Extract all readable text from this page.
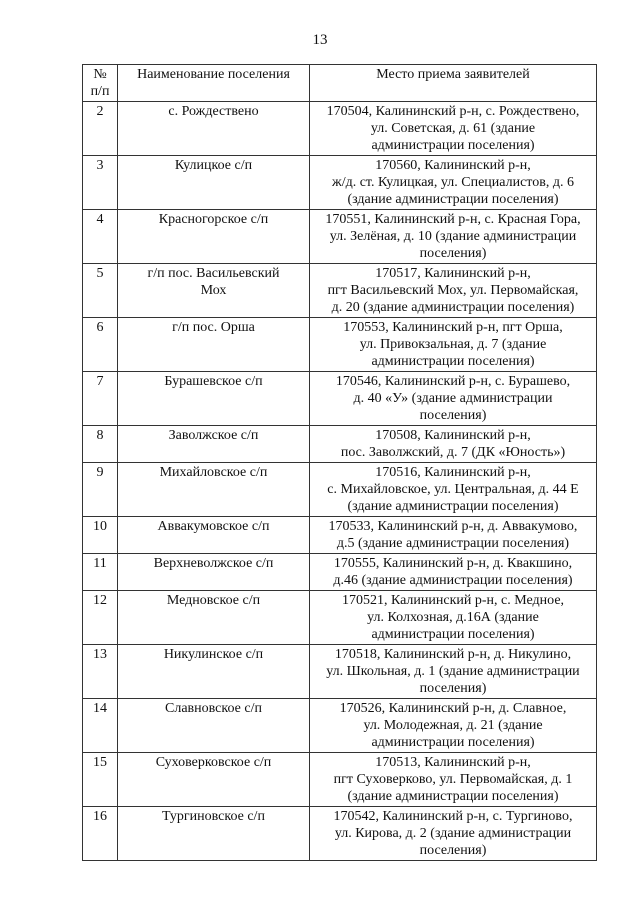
13
№
п/п	Наименование поселения	Место приема заявителей
2	с. Рождествено	170504, Калининский р-н, с. Рождествено,
ул. Советская, д. 61 (здание
администрации поселения)

3	Кулицкое с/п	170560, Калининский р-н,
ж/д. ст. Кулицкая, ул. Специалистов, д. 6
(здание администрации поселения)

4	Красногорское с/п	170551, Калининский р-н, с. Красная Гора,
ул. Зелёная, д. 10 (здание администрации
поселения)

5	г/п пос. Васильевский
Мох	170517, Калининский р-н,
пгт Васильевский Мох, ул. Первомайская,
д. 20 (здание администрации поселения)

6	г/п пос. Орша	170553, Калининский р-н, пгт Орша,
ул. Привокзальная, д. 7 (здание
администрации поселения)

7	Бурашевское с/п	170546, Калининский р-н, с. Бурашево,
д. 40 «У» (здание администрации
поселения)

8	Заволжское с/п	170508, Калининский р-н,
пос. Заволжский, д. 7 (ДК «Юность»)

9	Михайловское с/п	170516, Калининский р-н,
с. Михайловское, ул. Центральная, д. 44 Е
(здание администрации поселения)

10	Аввакумовское с/п	170533, Калининский р-н, д. Аввакумово,
д.5 (здание администрации поселения)

11	Верхневолжское с/п	170555, Калининский р-н, д. Квакшино,
д.46 (здание администрации поселения)

12	Медновское с/п	170521, Калининский р-н, с. Медное,
ул. Колхозная, д.16А (здание
администрации поселения)

13	Никулинское с/п	170518, Калининский р-н, д. Никулино,
ул. Школьная, д. 1 (здание администрации
поселения)

14	Славновское с/п	170526, Калининский р-н, д. Славное,
ул. Молодежная, д. 21 (здание
администрации поселения)

15	Суховерковское с/п	170513, Калининский р-н,
пгт Суховерково, ул. Первомайская, д. 1
(здание администрации поселения)

16	Тургиновское с/п	170542, Калининский р-н, с. Тургиново,
ул. Кирова, д. 2 (здание администрации
поселения)
